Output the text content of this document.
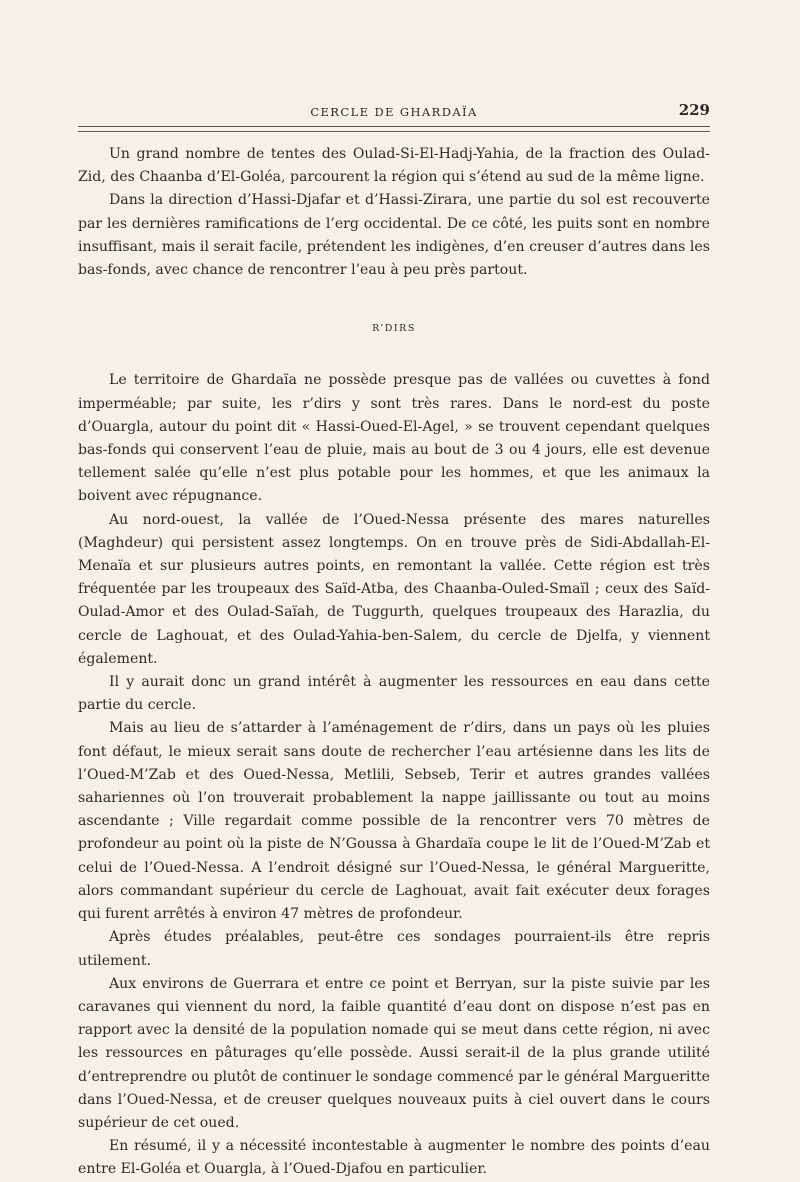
CERCLE DE GHARDAÏA	229

Un grand nombre de tentes des Oulad-Si-El-Hadj-Yahia, de la fraction des Oulad-Zid, des Chaanba d’El-Goléa, parcourent la région qui s’étend au sud de la même ligne.

Dans la direction d’Hassi-Djafar et d’Hassi-Zirara, une partie du sol est recouverte par les dernières ramifications de l’erg occidental. De ce côté, les puits sont en nombre insuffisant, mais il serait facile, prétendent les indigènes, d’en creuser d’autres dans les bas-fonds, avec chance de rencontrer l’eau à peu près partout.

R’DIRS

Le territoire de Ghardaïa ne possède presque pas de vallées ou cuvettes à fond imperméable; par suite, les r’dirs y sont très rares. Dans le nord-est du poste d’Ouargla, autour du point dit « Hassi-Oued-El-Agel, » se trouvent cependant quelques bas-fonds qui conservent l’eau de pluie, mais au bout de 3 ou 4 jours, elle est devenue tellement salée qu’elle n’est plus potable pour les hommes, et que les animaux la boivent avec répugnance.

Au nord-ouest, la vallée de l’Oued-Nessa présente des mares naturelles (Maghdeur) qui persistent assez longtemps. On en trouve près de Sidi-Abdallah-El-Menaïa et sur plusieurs autres points, en remontant la vallée. Cette région est très fréquentée par les troupeaux des Saïd-Atba, des Chaanba-Ouled-Smaïl ; ceux des Saïd-Oulad-Amor et des Oulad-Saïah, de Tuggurth, quelques troupeaux des Harazlia, du cercle de Laghouat, et des Oulad-Yahia-ben-Salem, du cercle de Djelfa, y viennent également.

Il y aurait donc un grand intérêt à augmenter les ressources en eau dans cette partie du cercle.

Mais au lieu de s’attarder à l’aménagement de r’dirs, dans un pays où les pluies font défaut, le mieux serait sans doute de rechercher l’eau artésienne dans les lits de l’Oued-M’Zab et des Oued-Nessa, Metlili, Sebseb, Terir et autres grandes vallées sahariennes où l’on trouverait probablement la nappe jaillissante ou tout au moins ascendante ; Ville regardait comme possible de la rencontrer vers 70 mètres de profondeur au point où la piste de N’Goussa à Ghardaïa coupe le lit de l’Oued-M’Zab et celui de l’Oued-Nessa. A l’endroit désigné sur l’Oued-Nessa, le général Margueritte, alors commandant supérieur du cercle de Laghouat, avait fait exécuter deux forages qui furent arrêtés à environ 47 mètres de profondeur.

Après études préalables, peut-être ces sondages pourraient-ils être repris utilement.

Aux environs de Guerrara et entre ce point et Berryan, sur la piste suivie par les caravanes qui viennent du nord, la faible quantité d’eau dont on dispose n’est pas en rapport avec la densité de la population nomade qui se meut dans cette région, ni avec les ressources en pâturages qu’elle possède. Aussi serait-il de la plus grande utilité d’entreprendre ou plutôt de continuer le sondage commencé par le général Margueritte dans l’Oued-Nessa, et de creuser quelques nouveaux puits à ciel ouvert dans le cours supérieur de cet oued.

En résumé, il y a nécessité incontestable à augmenter le nombre des points d’eau entre El-Goléa et Ouargla, à l’Oued-Djafou en particulier.
